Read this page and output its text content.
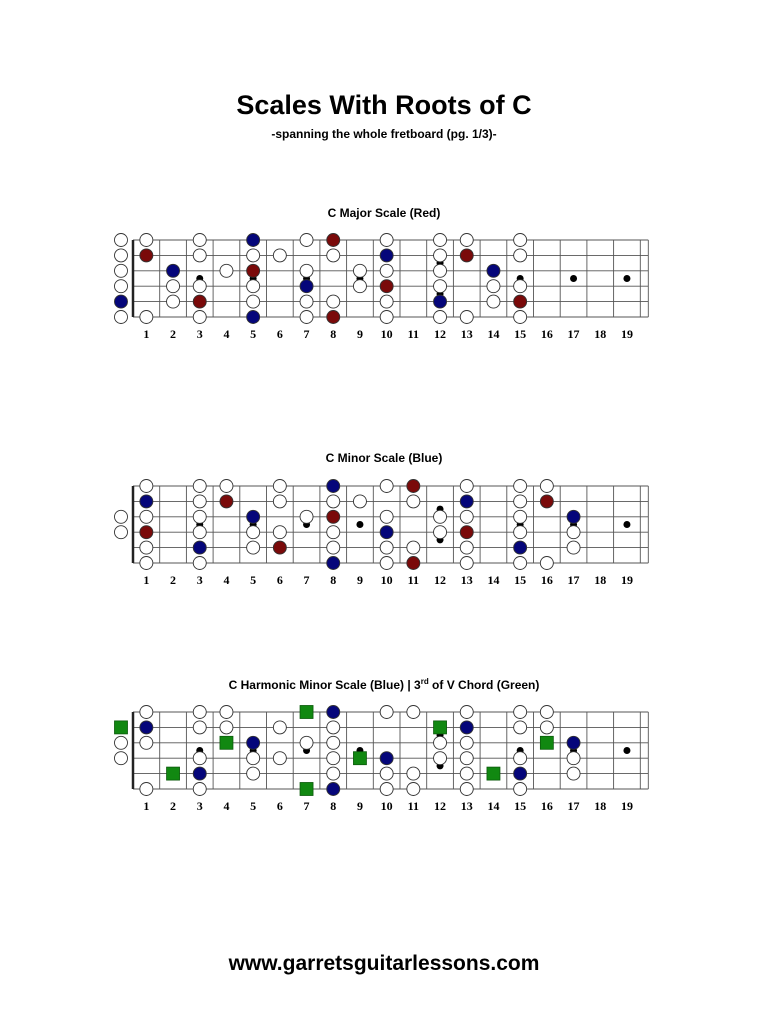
Scales With Roots of C
-spanning the whole fretboard (pg. 1/3)-
C Major Scale (Red)
1 2 3 4 5 6 7 8 9 10 11 12 13 14 15 16 17 18 19
C Minor Scale (Blue)
1 2 3 4 5 6 7 8 9 10 11 12 13 14 15 16 17 18 19
C Harmonic Minor Scale (Blue) | 3rd of V Chord (Green)
1 2 3 4 5 6 7 8 9 10 11 12 13 14 15 16 17 18 19
www.garretsguitarlessons.com
